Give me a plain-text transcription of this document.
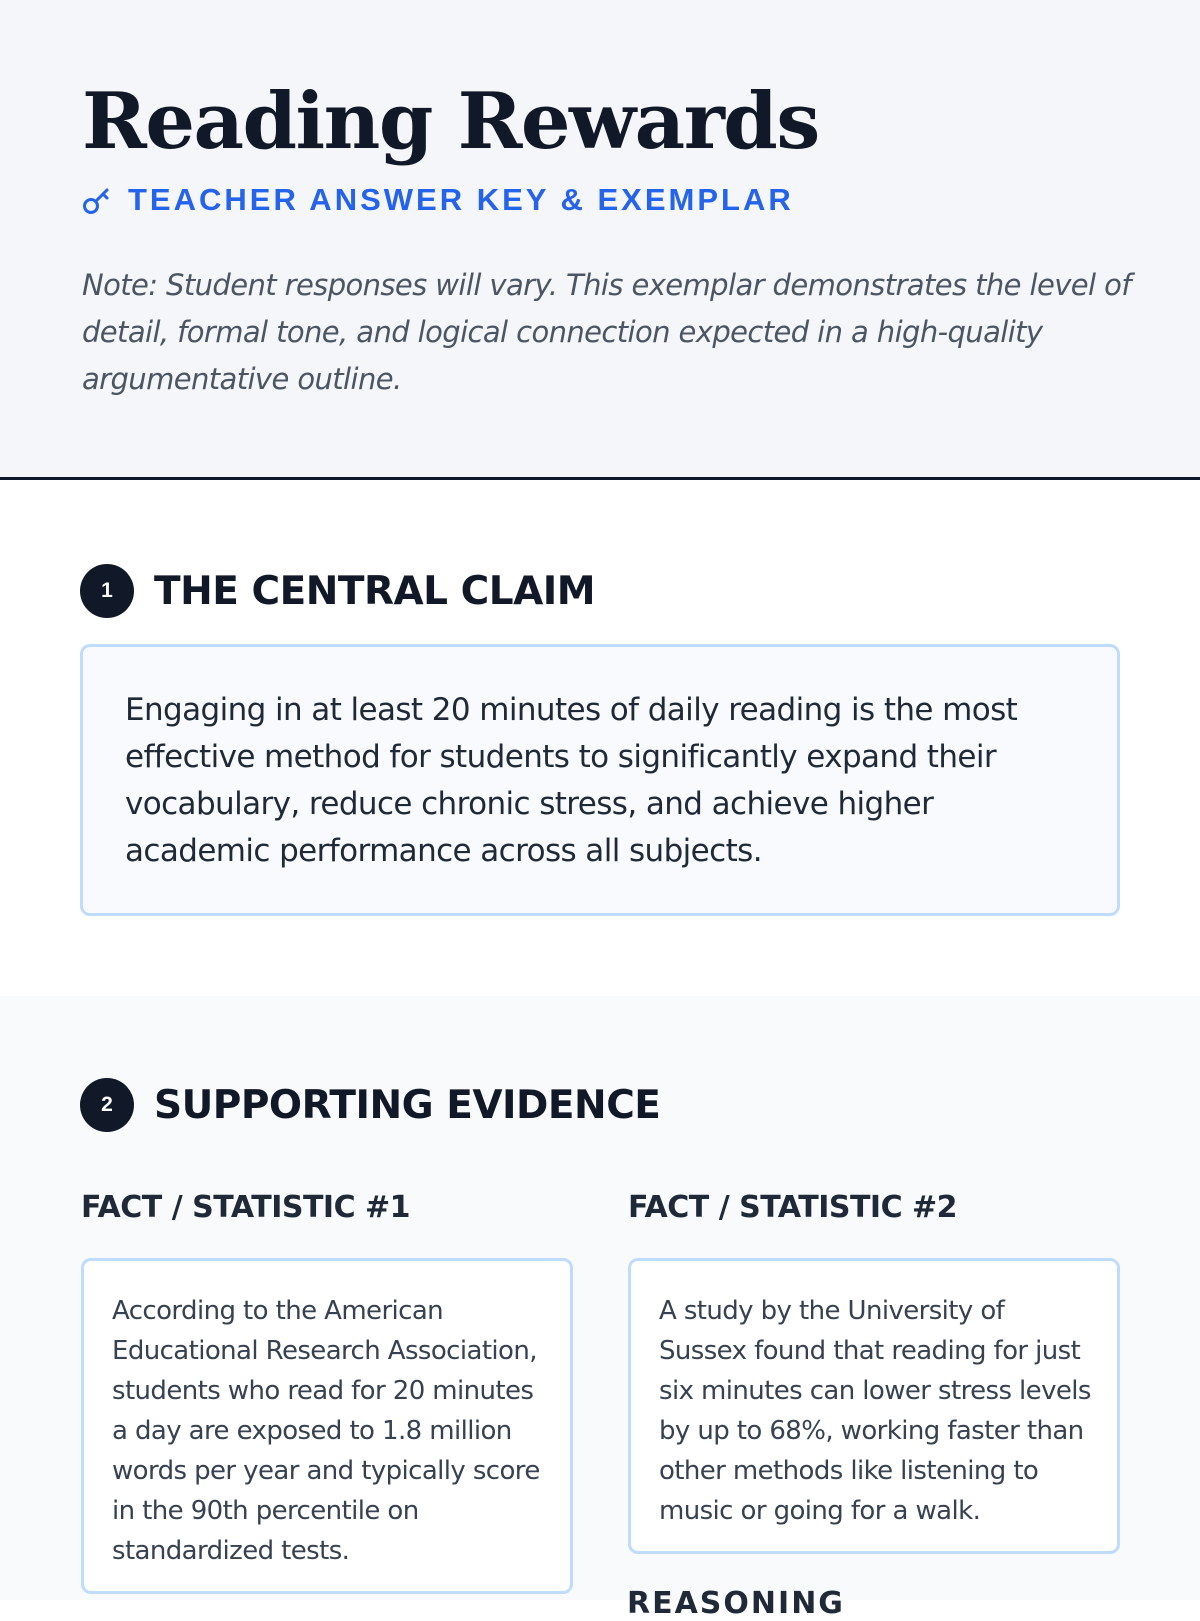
Reading Rewards
TEACHER ANSWER KEY & EXEMPLAR

Note: Student responses will vary. This exemplar demonstrates the level of detail, formal tone, and logical connection expected in a high-quality argumentative outline.

1	THE CENTRAL CLAIM

Engaging in at least 20 minutes of daily reading is the most effective method for students to significantly expand their vocabulary, reduce chronic stress, and achieve higher academic performance across all subjects.

2	SUPPORTING EVIDENCE
FACT / STATISTIC #1

According to the American Educational Research Association, students who read for 20 minutes a day are exposed to 1.8 million words per year and typically score in the 90th percentile on standardized tests.

FACT / STATISTIC #2

A study by the University of Sussex found that reading for just six minutes can lower stress levels by up to 68%, working faster than other methods like listening to music or going for a walk.

REASONING
